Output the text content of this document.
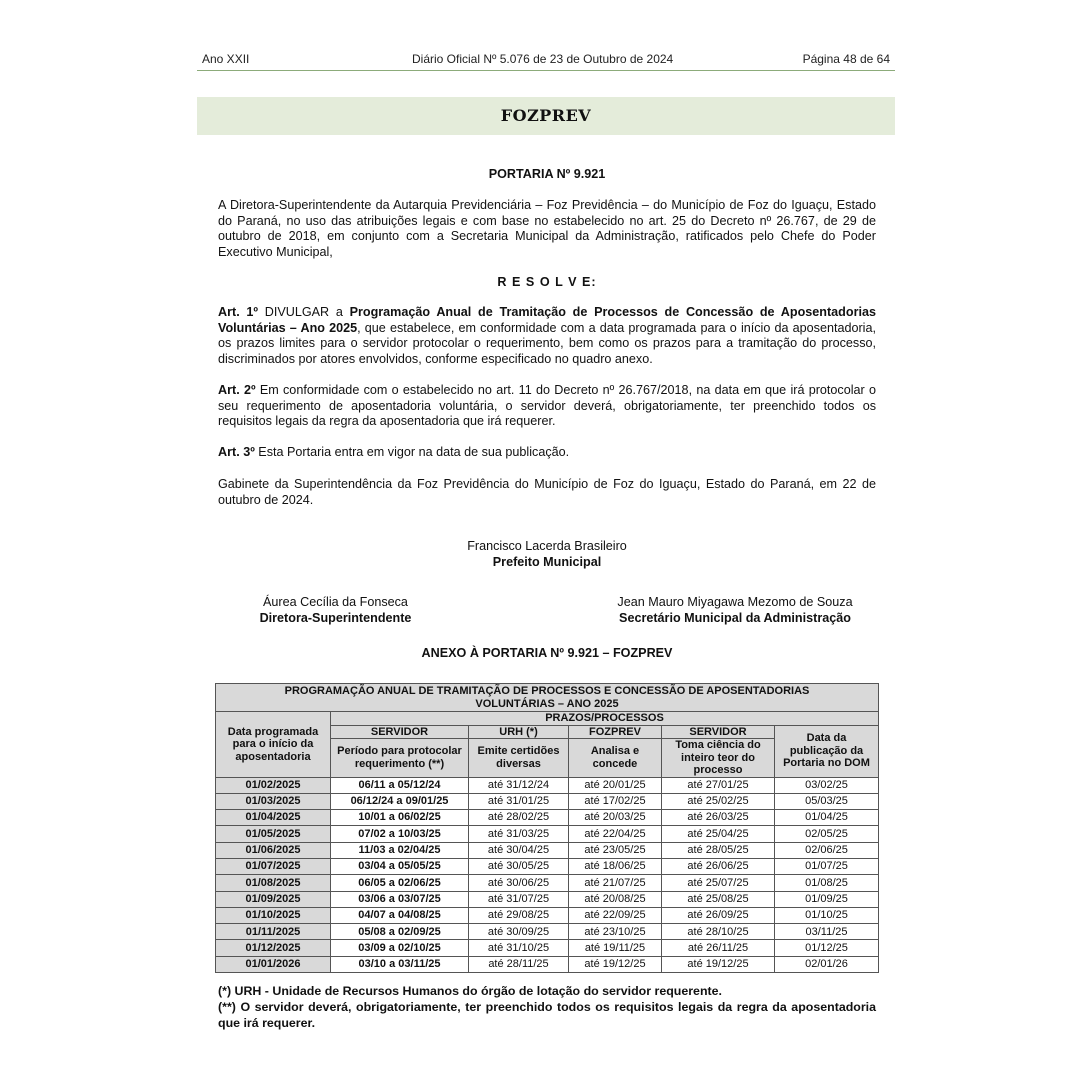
Ano XXII	Diário Oficial Nº 5.076 de 23 de Outubro de 2024	Página 48 de 64
FOZPREV
PORTARIA Nº 9.921

A Diretora-Superintendente da Autarquia Previdenciária – Foz Previdência – do Município de Foz do Iguaçu, Estado do Paraná, no uso das atribuições legais e com base no estabelecido no art. 25 do Decreto nº 26.767, de 29 de outubro de 2018, em conjunto com a Secretaria Municipal da Administração, ratificados pelo Chefe do Poder Executivo Municipal,

R E S O L V E:

Art. 1º DIVULGAR a Programação Anual de Tramitação de Processos de Concessão de Aposentadorias Voluntárias – Ano 2025, que estabelece, em conformidade com a data programada para o início da aposentadoria, os prazos limites para o servidor protocolar o requerimento, bem como os prazos para a tramitação do processo, discriminados por atores envolvidos, conforme especificado no quadro anexo.

Art. 2º Em conformidade com o estabelecido no art. 11 do Decreto nº 26.767/2018, na data em que irá protocolar o seu requerimento de aposentadoria voluntária, o servidor deverá, obrigatoriamente, ter preenchido todos os requisitos legais da regra da aposentadoria que irá requerer.

Art. 3º Esta Portaria entra em vigor na data de sua publicação.

Gabinete da Superintendência da Foz Previdência do Município de Foz do Iguaçu, Estado do Paraná, em 22 de outubro de 2024.

Francisco Lacerda Brasileiro
Prefeito Municipal
Áurea Cecília da Fonseca
Diretora-Superintendente
Jean Mauro Miyagawa Mezomo de Souza
Secretário Municipal da Administração
ANEXO À PORTARIA Nº 9.921 – FOZPREV
PROGRAMAÇÃO ANUAL DE TRAMITAÇÃO DE PROCESSOS E CONCESSÃO DE APOSENTADORIAS
VOLUNTÁRIAS – ANO 2025					

Data programada para o início da aposentadoria	PRAZOS/PROCESSOS				
	SERVIDOR	URH (*)	FOZPREV	SERVIDOR	Data da publicação da Portaria no DOM
	Período para protocolar requerimento (**)	Emite certidões diversas	Analisa e concede	Toma ciência do inteiro teor do processo	
01/02/2025	06/11 a 05/12/24	até 31/12/24	até 20/01/25	até 27/01/25	03/02/25
01/03/2025	06/12/24 a 09/01/25	até 31/01/25	até 17/02/25	até 25/02/25	05/03/25
01/04/2025	10/01 a 06/02/25	até 28/02/25	até 20/03/25	até 26/03/25	01/04/25
01/05/2025	07/02 a 10/03/25	até 31/03/25	até 22/04/25	até 25/04/25	02/05/25
01/06/2025	11/03 a 02/04/25	até 30/04/25	até 23/05/25	até 28/05/25	02/06/25
01/07/2025	03/04 a 05/05/25	até 30/05/25	até 18/06/25	até 26/06/25	01/07/25
01/08/2025	06/05 a 02/06/25	até 30/06/25	até 21/07/25	até 25/07/25	01/08/25
01/09/2025	03/06 a 03/07/25	até 31/07/25	até 20/08/25	até 25/08/25	01/09/25
01/10/2025	04/07 a 04/08/25	até 29/08/25	até 22/09/25	até 26/09/25	01/10/25
01/11/2025	05/08 a 02/09/25	até 30/09/25	até 23/10/25	até 28/10/25	03/11/25
01/12/2025	03/09 a 02/10/25	até 31/10/25	até 19/11/25	até 26/11/25	01/12/25
01/01/2026	03/10 a 03/11/25	até 28/11/25	até 19/12/25	até 19/12/25	02/01/26
(*) URH - Unidade de Recursos Humanos do órgão de lotação do servidor requerente.
(**) O servidor deverá, obrigatoriamente, ter preenchido todos os requisitos legais da regra da aposentadoria que irá requerer.
